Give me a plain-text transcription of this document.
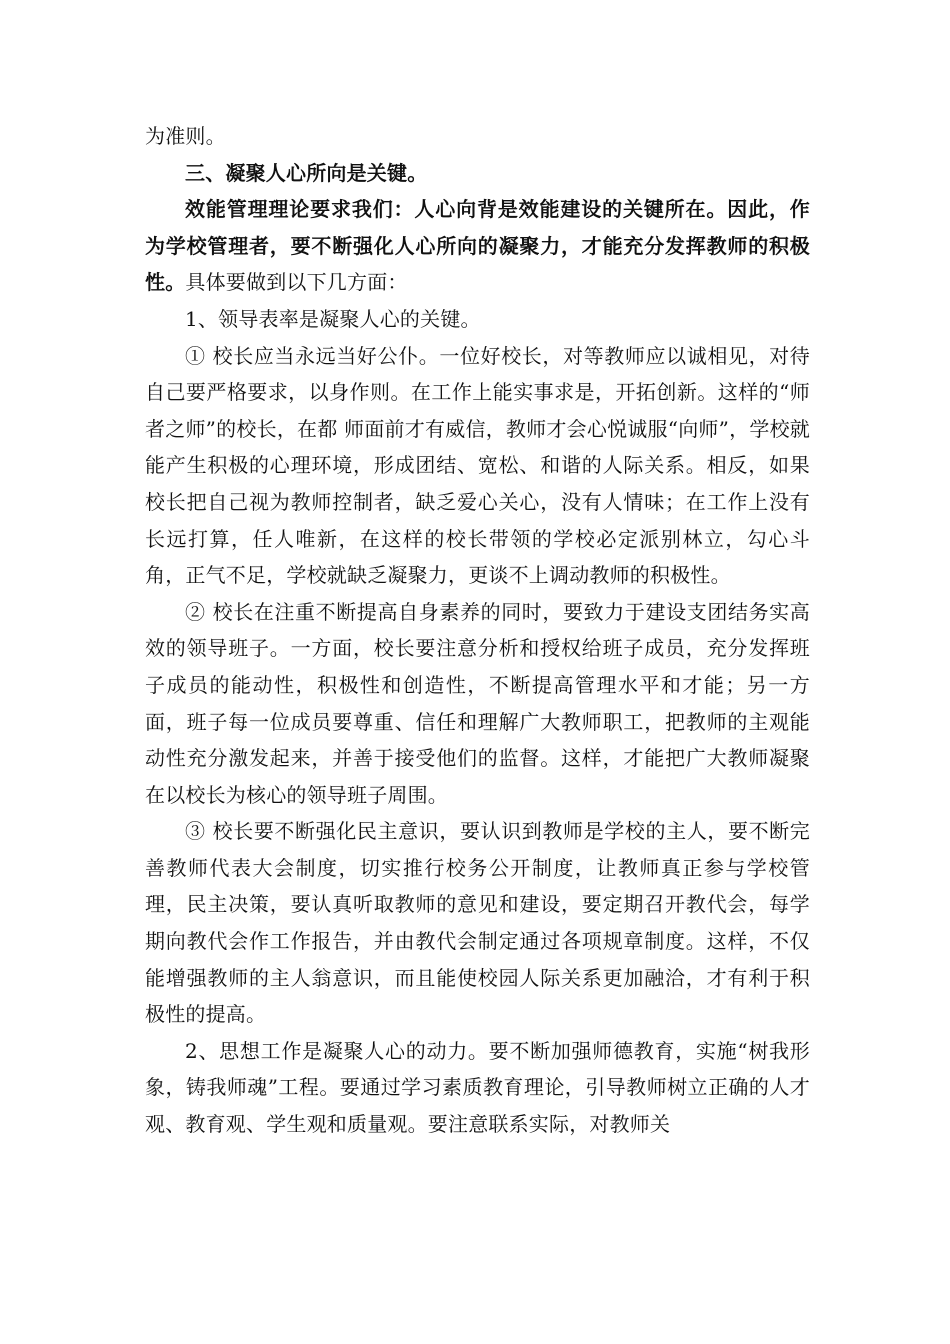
为准则。

三、凝聚人心所向是关键。

效能管理理论要求我们：人心向背是效能建设的关键所在。因此，作为学校管理者，要不断强化人心所向的凝聚力，才能充分发挥教师的积极性。具体要做到以下几方面：

1、领导表率是凝聚人心的关键。

① 校长应当永远当好公仆。一位好校长，对等教师应以诚相见，对待自己要严格要求，以身作则。在工作上能实事求是，开拓创新。这样的“师者之师”的校长，在都 师面前才有威信，教师才会心悦诚服“向师”，学校就能产生积极的心理环境，形成团结、宽松、和谐的人际关系。相反，如果校长把自己视为教师控制者，缺乏爱心关心，没有人情味；在工作上没有长远打算，任人唯新，在这样的校长带领的学校必定派别林立，勾心斗角，正气不足，学校就缺乏凝聚力，更谈不上调动教师的积极性。

② 校长在注重不断提高自身素养的同时，要致力于建设支团结务实高效的领导班子。一方面，校长要注意分析和授权给班子成员，充分发挥班子成员的能动性，积极性和创造性，不断提高管理水平和才能；另一方面，班子每一位成员要尊重、信任和理解广大教师职工，把教师的主观能动性充分激发起来，并善于接受他们的监督。这样，才能把广大教师凝聚在以校长为核心的领导班子周围。

③ 校长要不断强化民主意识，要认识到教师是学校的主人，要不断完善教师代表大会制度，切实推行校务公开制度，让教师真正参与学校管理，民主决策，要认真听取教师的意见和建设，要定期召开教代会，每学期向教代会作工作报告，并由教代会制定通过各项规章制度。这样，不仅能增强教师的主人翁意识，而且能使校园人际关系更加融洽，才有利于积极性的提高。

2、思想工作是凝聚人心的动力。要不断加强师德教育，实施“树我形象，铸我师魂”工程。要通过学习素质教育理论，引导教师树立正确的人才观、教育观、学生观和质量观。要注意联系实际，对教师关
